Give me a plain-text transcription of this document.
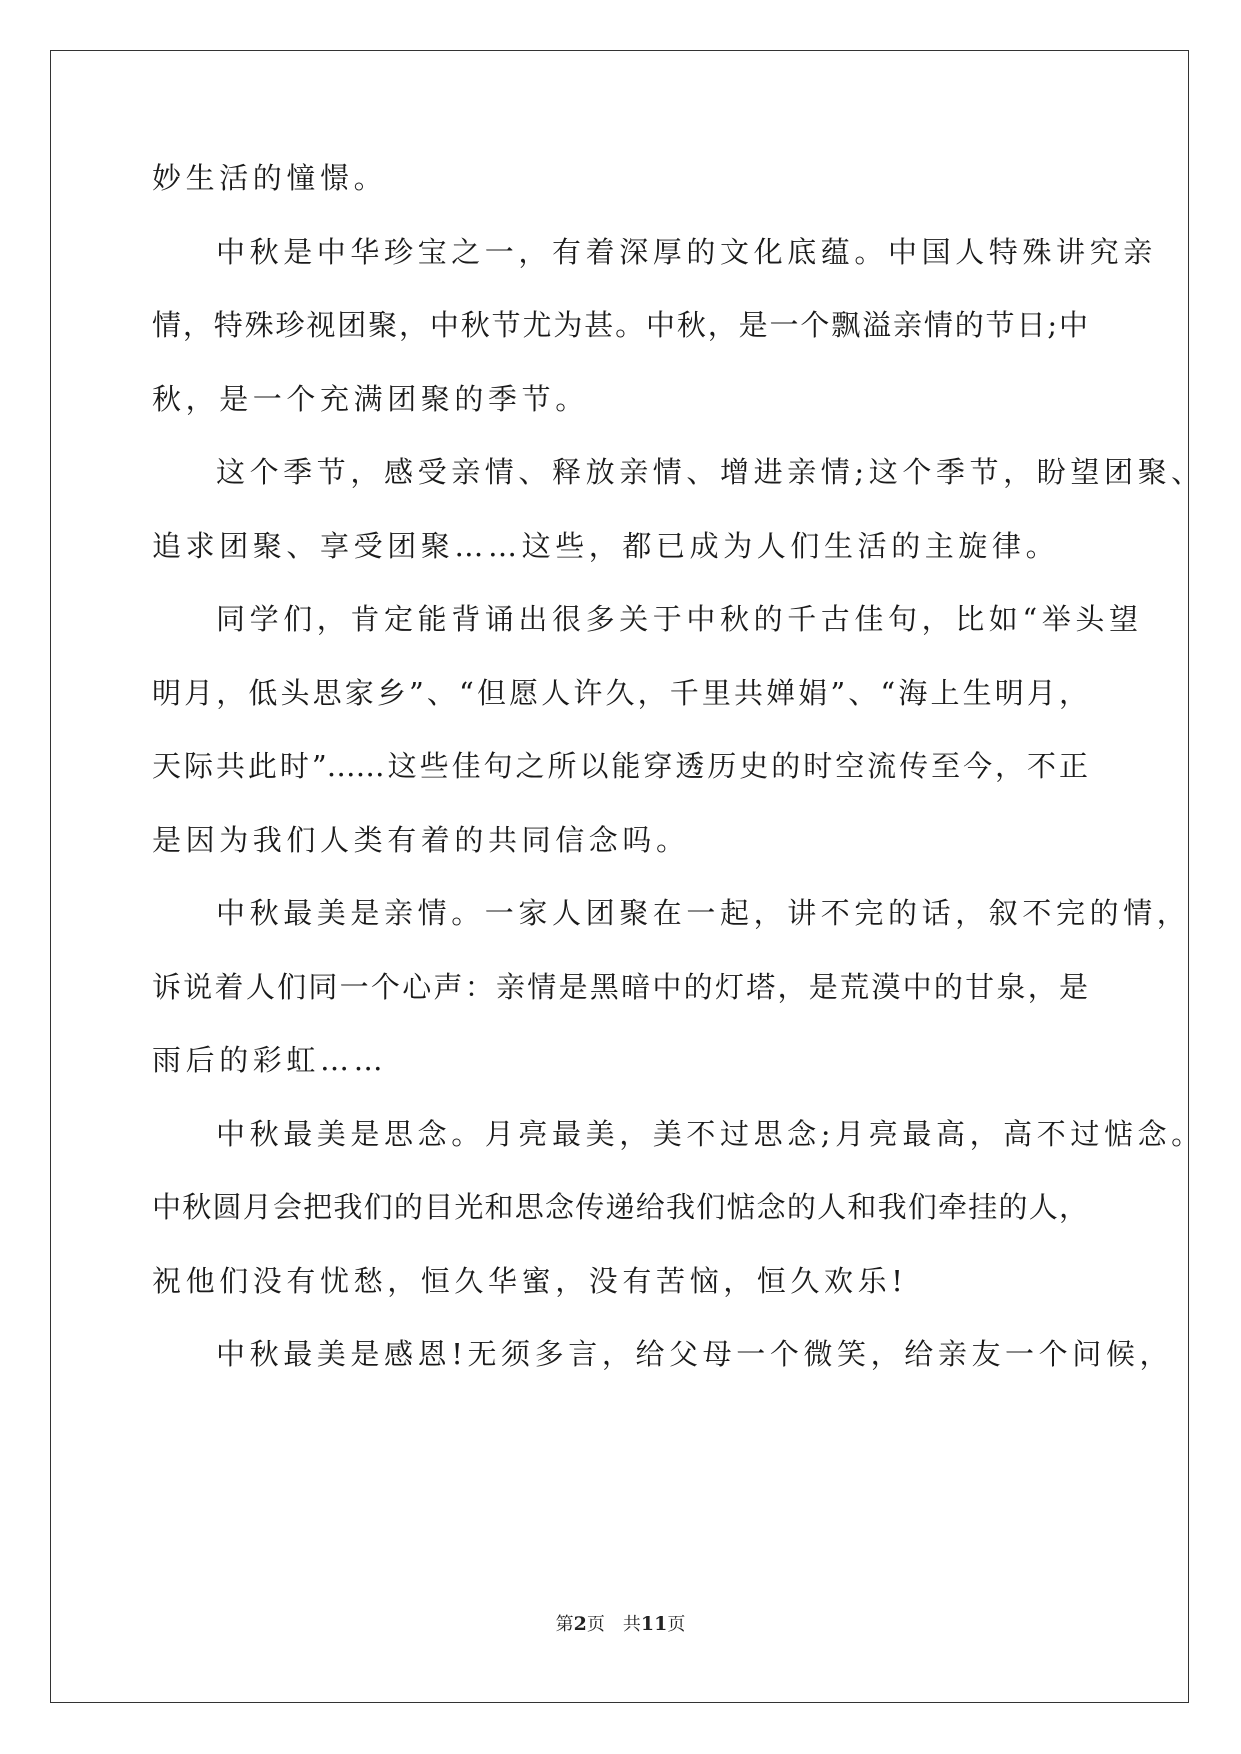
妙生活的憧憬。
中秋是中华珍宝之一，有着深厚的文化底蕴。中国人特殊讲究亲
情，特殊珍视团聚，中秋节尤为甚。中秋，是一个飘溢亲情的节日;中
秋，是一个充满团聚的季节。
这个季节，感受亲情、释放亲情、增进亲情;这个季节，盼望团聚、
追求团聚、享受团聚……这些，都已成为人们生活的主旋律。
同学们，肯定能背诵出很多关于中秋的千古佳句，比如“举头望
明月，低头思家乡”、“但愿人许久，千里共婵娟”、“海上生明月，
天际共此时”……这些佳句之所以能穿透历史的时空流传至今，不正
是因为我们人类有着的共同信念吗。
中秋最美是亲情。一家人团聚在一起，讲不完的话，叙不完的情，
诉说着人们同一个心声：亲情是黑暗中的灯塔，是荒漠中的甘泉，是
雨后的彩虹……
中秋最美是思念。月亮最美，美不过思念;月亮最高，高不过惦念。
中秋圆月会把我们的目光和思念传递给我们惦念的人和我们牵挂的人，
祝他们没有忧愁，恒久华蜜，没有苦恼，恒久欢乐!
中秋最美是感恩!无须多言，给父母一个微笑，给亲友一个问候，
第2页 共11页
